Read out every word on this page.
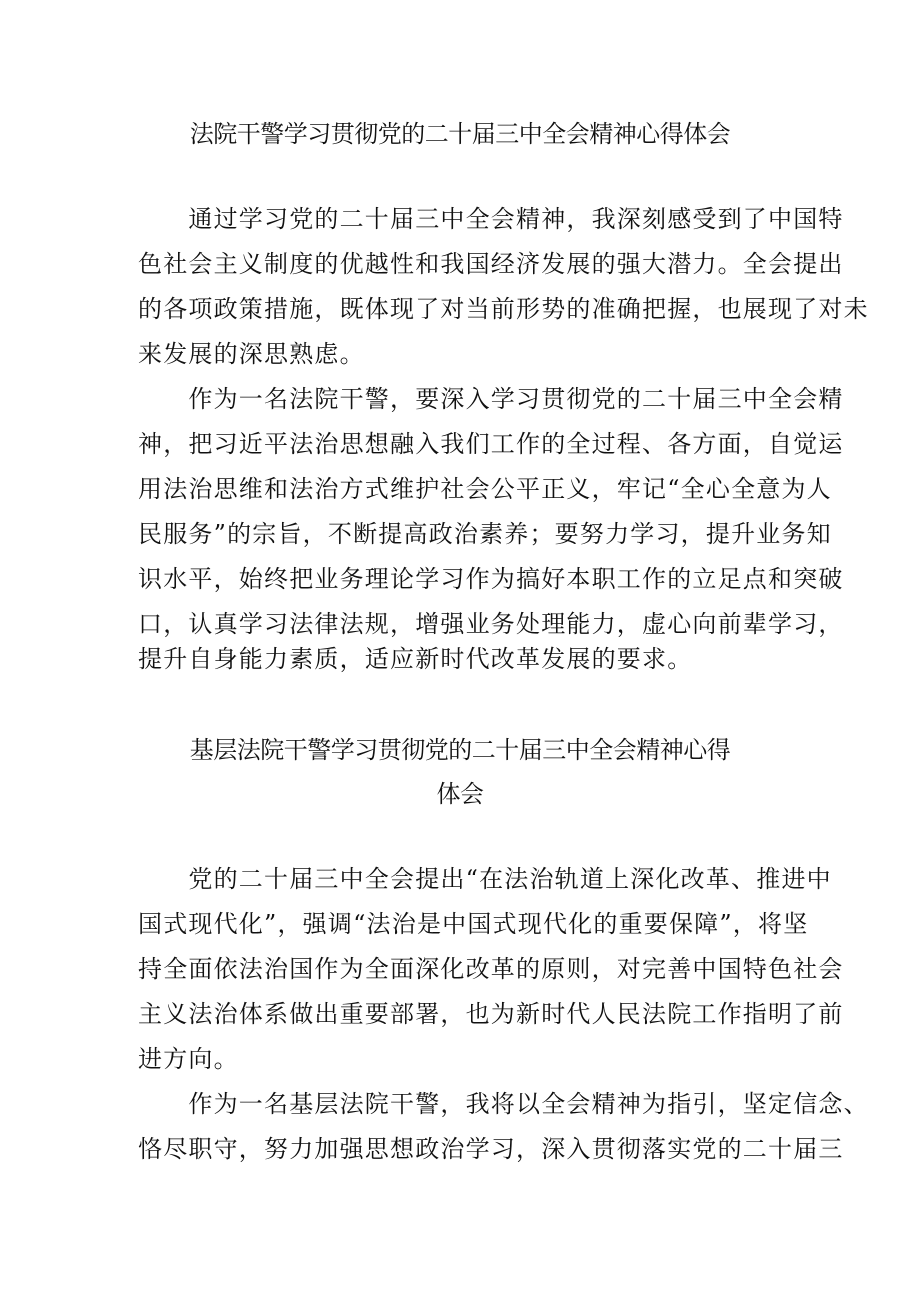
法院干警学习贯彻党的二十届三中全会精神心得体会
　　通过学习党的二十届三中全会精神，我深刻感受到了中国特
色社会主义制度的优越性和我国经济发展的强大潜力。全会提出
的各项政策措施，既体现了对当前形势的准确把握，也展现了对未
来发展的深思熟虑。
　　作为一名法院干警，要深入学习贯彻党的二十届三中全会精
神，把习近平法治思想融入我们工作的全过程、各方面，自觉运
用法治思维和法治方式维护社会公平正义，牢记“全心全意为人
民服务”的宗旨，不断提高政治素养；要努力学习，提升业务知
识水平，始终把业务理论学习作为搞好本职工作的立足点和突破
口，认真学习法律法规，增强业务处理能力，虚心向前辈学习，
提升自身能力素质，适应新时代改革发展的要求。
基层法院干警学习贯彻党的二十届三中全会精神心得
体会
　　党的二十届三中全会提出“在法治轨道上深化改革、推进中
国式现代化”，强调“法治是中国式现代化的重要保障”，将坚
持全面依法治国作为全面深化改革的原则，对完善中国特色社会
主义法治体系做出重要部署，也为新时代人民法院工作指明了前
进方向。
　　作为一名基层法院干警，我将以全会精神为指引，坚定信念、
恪尽职守，努力加强思想政治学习，深入贯彻落实党的二十届三
